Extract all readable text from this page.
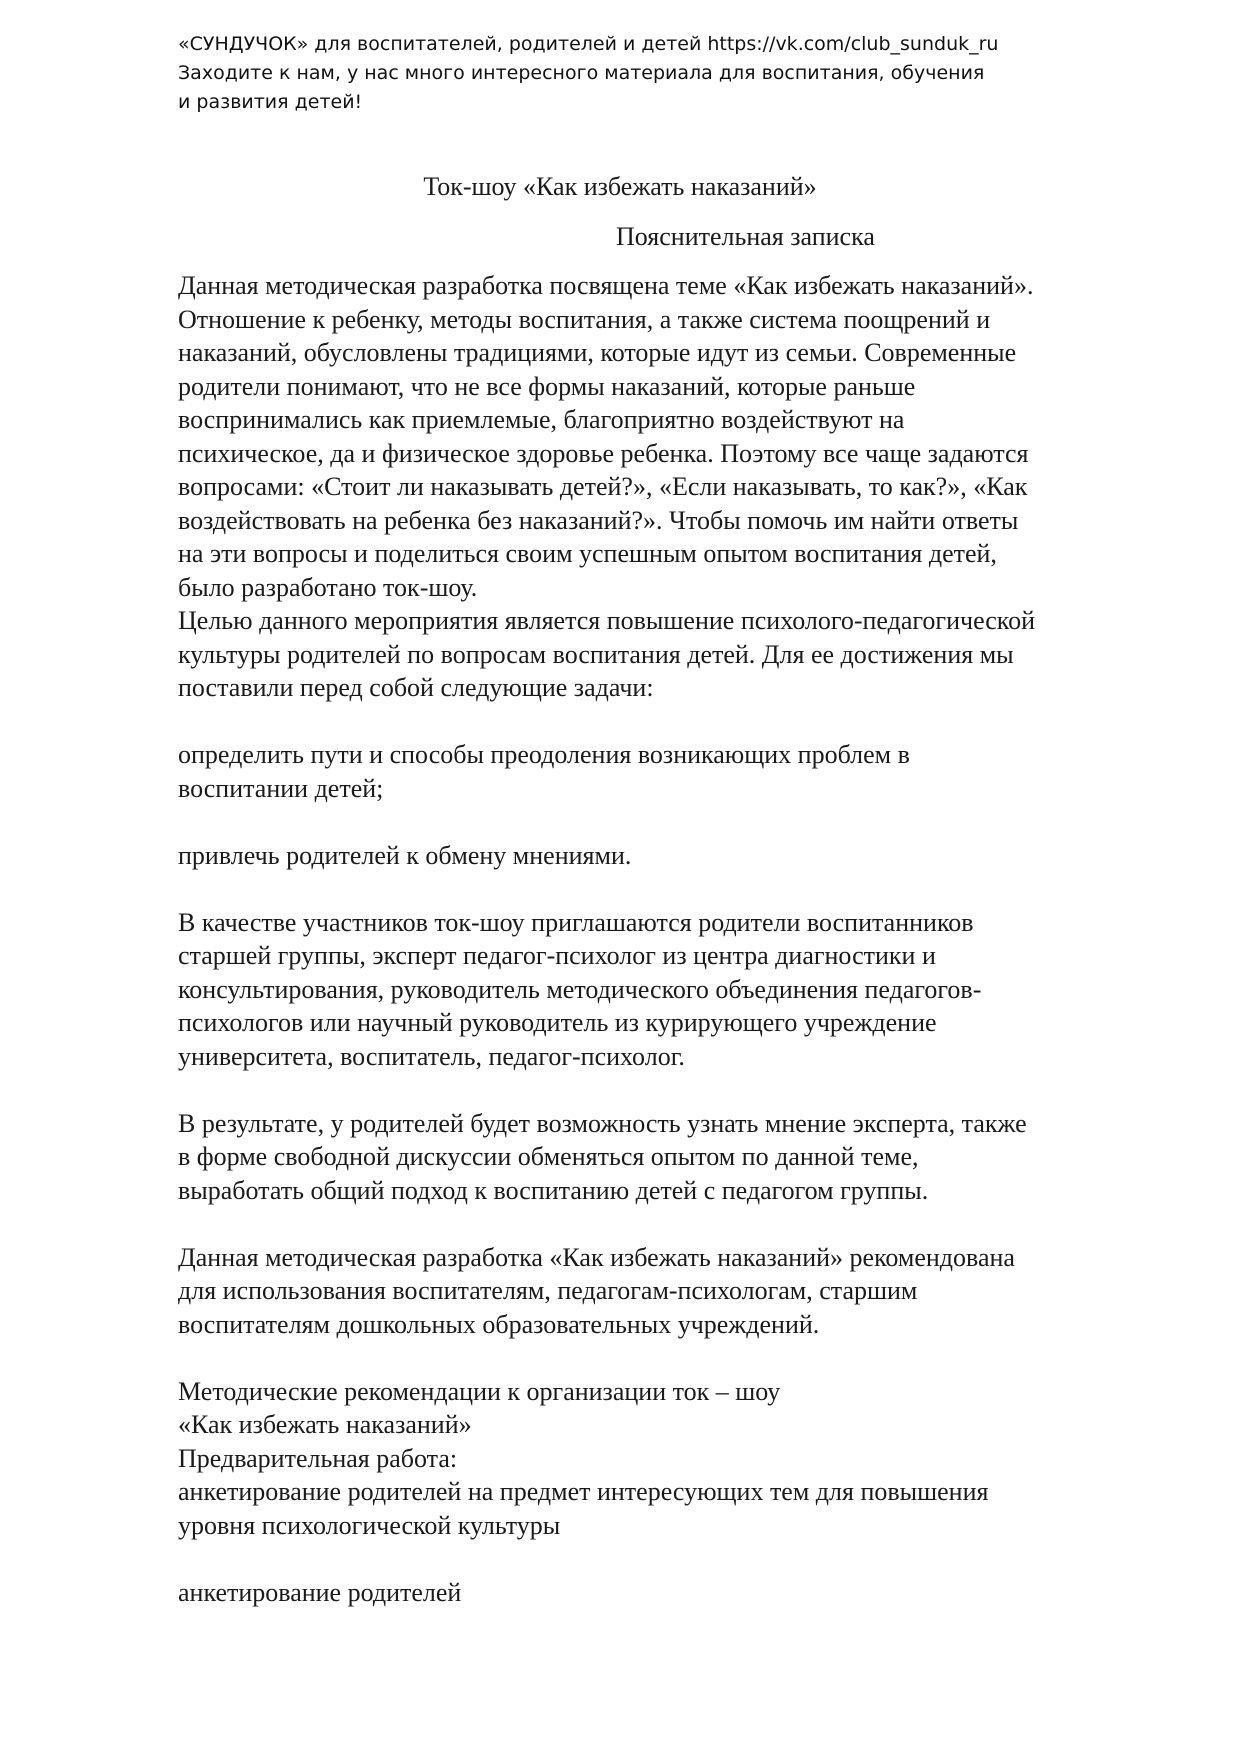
«СУНДУЧОК» для воспитателей, родителей и детей https://vk.com/club_sunduk_ru
Заходите к нам, у нас много интересного материала для воспитания, обучения
и развития детей!
Ток-шоу «Как избежать наказаний»
Пояснительная записка
Данная методическая разработка посвящена теме «Как избежать наказаний».
Отношение к ребенку, методы воспитания, а также система поощрений и
наказаний, обусловлены традициями, которые идут из семьи. Современные
родители понимают, что не все формы наказаний, которые раньше
воспринимались как приемлемые, благоприятно воздействуют на
психическое, да и физическое здоровье ребенка. Поэтому все чаще задаются
вопросами: «Стоит ли наказывать детей?», «Если наказывать, то как?», «Как
воздействовать на ребенка без наказаний?». Чтобы помочь им найти ответы
на эти вопросы и поделиться своим успешным опытом воспитания детей,
было разработано ток-шоу.
Целью данного мероприятия является повышение психолого-педагогической
культуры родителей по вопросам воспитания детей. Для ее достижения мы
поставили перед собой следующие задачи:
определить пути и способы преодоления возникающих проблем в
воспитании детей;
привлечь родителей к обмену мнениями.
В качестве участников ток-шоу приглашаются родители воспитанников
старшей группы, эксперт педагог-психолог из центра диагностики и
консультирования, руководитель методического объединения педагогов-
психологов или научный руководитель из курирующего учреждение
университета, воспитатель, педагог-психолог.
В результате, у родителей будет возможность узнать мнение эксперта, также
в форме свободной дискуссии обменяться опытом по данной теме,
выработать общий подход к воспитанию детей с педагогом группы.
Данная методическая разработка «Как избежать наказаний» рекомендована
для использования воспитателям, педагогам-психологам, старшим
воспитателям дошкольных образовательных учреждений.
Методические рекомендации к организации ток – шоу
«Как избежать наказаний»
Предварительная работа:
анкетирование родителей на предмет интересующих тем для повышения
уровня психологической культуры
анкетирование родителей
